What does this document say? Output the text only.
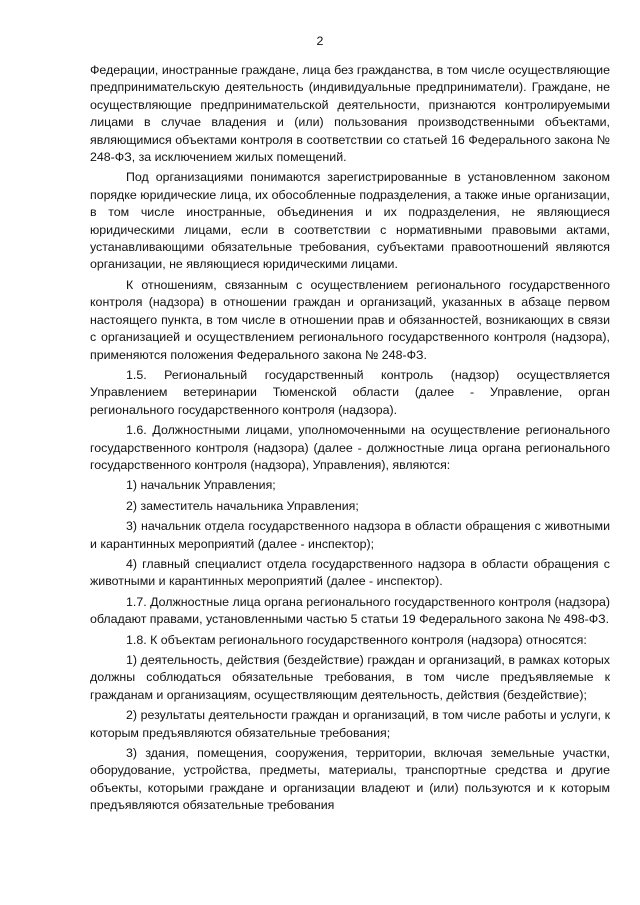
2

Федерации, иностранные граждане, лица без гражданства, в том числе осуществляющие предпринимательскую деятельность (индивидуальные предприниматели). Граждане, не осуществляющие предпринимательской деятельности, признаются контролируемыми лицами в случае владения и (или) пользования производственными объектами, являющимися объектами контроля в соответствии со статьей 16 Федерального закона № 248-ФЗ, за исключением жилых помещений.

Под организациями понимаются зарегистрированные в установленном законом порядке юридические лица, их обособленные подразделения, а также иные организации, в том числе иностранные, объединения и их подразделения, не являющиеся юридическими лицами, если в соответствии с нормативными правовыми актами, устанавливающими обязательные требования, субъектами правоотношений являются организации, не являющиеся юридическими лицами.

К отношениям, связанным с осуществлением регионального государственного контроля (надзора) в отношении граждан и организаций, указанных в абзаце первом настоящего пункта, в том числе в отношении прав и обязанностей, возникающих в связи с организацией и осуществлением регионального государственного контроля (надзора), применяются положения Федерального закона № 248-ФЗ.

1.5. Региональный государственный контроль (надзор) осуществляется Управлением ветеринарии Тюменской области (далее - Управление, орган регионального государственного контроля (надзора).

1.6. Должностными лицами, уполномоченными на осуществление регионального государственного контроля (надзора) (далее - должностные лица органа регионального государственного контроля (надзора), Управления), являются:

1) начальник Управления;

2) заместитель начальника Управления;

3) начальник отдела государственного надзора в области обращения с животными и карантинных мероприятий (далее - инспектор);

4) главный специалист отдела государственного надзора в области обращения с животными и карантинных мероприятий (далее - инспектор).

1.7. Должностные лица органа регионального государственного контроля (надзора) обладают правами, установленными частью 5 статьи 19 Федерального закона № 498-ФЗ.

1.8. К объектам регионального государственного контроля (надзора) относятся:

1) деятельность, действия (бездействие) граждан и организаций, в рамках которых должны соблюдаться обязательные требования, в том числе предъявляемые к гражданам и организациям, осуществляющим деятельность, действия (бездействие);

2) результаты деятельности граждан и организаций, в том числе работы и услуги, к которым предъявляются обязательные требования;

3) здания, помещения, сооружения, территории, включая земельные участки, оборудование, устройства, предметы, материалы, транспортные средства и другие объекты, которыми граждане и организации владеют и (или) пользуются и к которым предъявляются обязательные требования
